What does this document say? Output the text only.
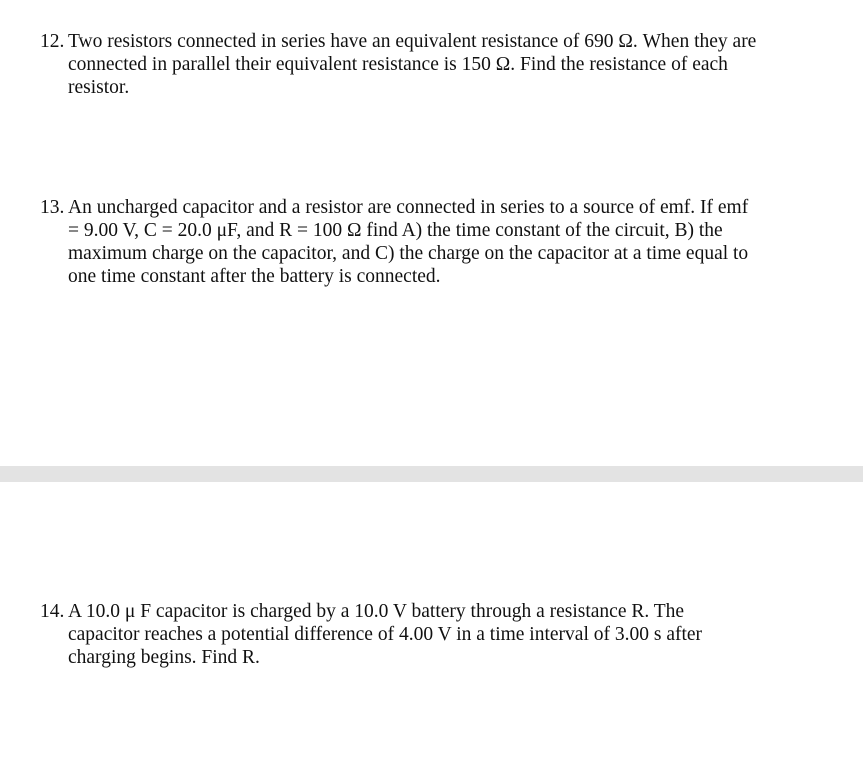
12. Two resistors connected in series have an equivalent resistance of 690 Ω. When they are
connected in parallel their equivalent resistance is 150 Ω. Find the resistance of each
resistor.
13. An uncharged capacitor and a resistor are connected in series to a source of emf. If emf
= 9.00 V, C = 20.0 μF, and R = 100 Ω find A) the time constant of the circuit, B) the
maximum charge on the capacitor, and C) the charge on the capacitor at a time equal to
one time constant after the battery is connected.
14. A 10.0 μ F capacitor is charged by a 10.0 V battery through a resistance R. The
capacitor reaches a potential difference of 4.00 V in a time interval of 3.00 s after
charging begins. Find R.
